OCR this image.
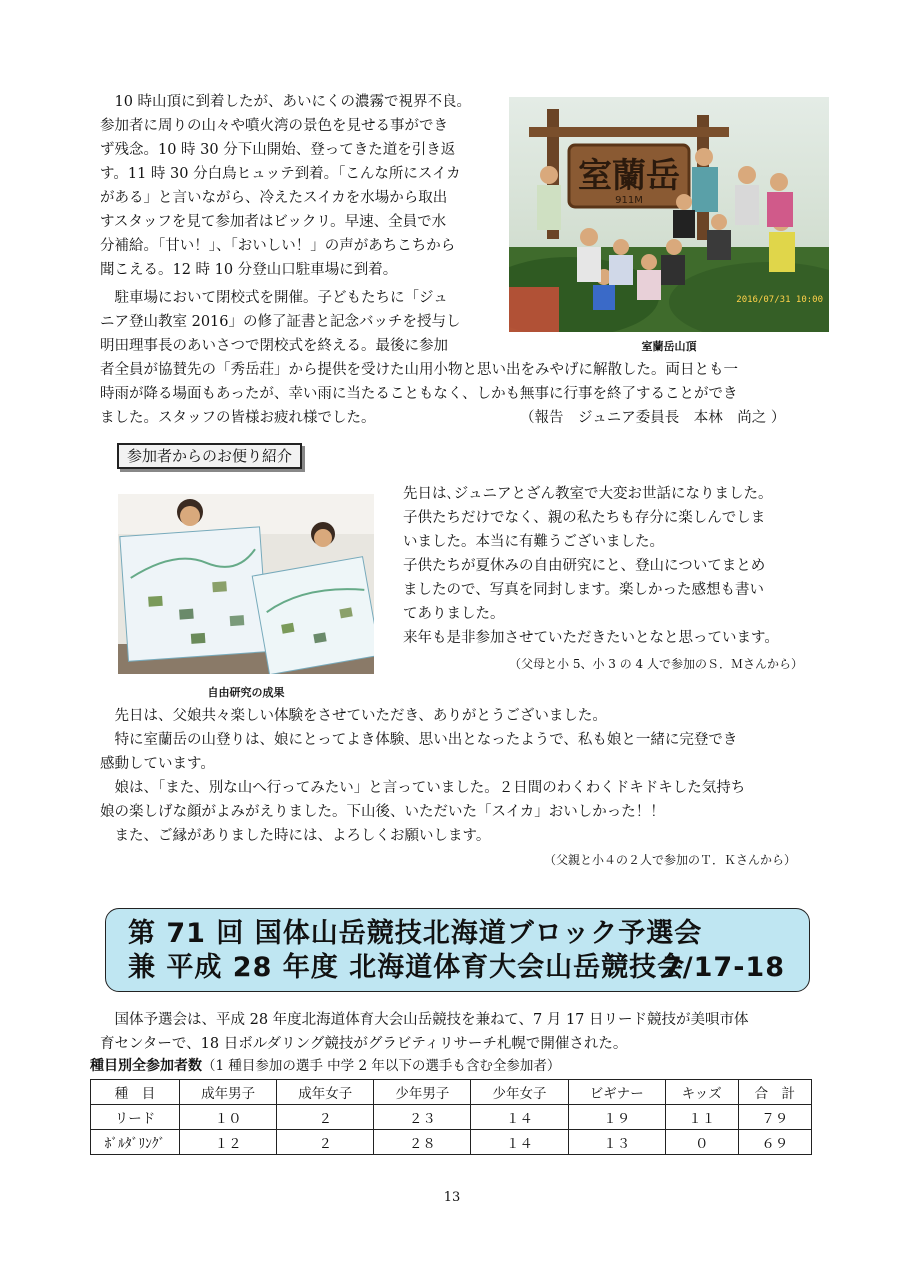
　10 時山頂に到着したが、あいにくの濃霧で視界不良。
参加者に周りの山々や噴火湾の景色を見せる事ができ
ず残念。10 時 30 分下山開始、登ってきた道を引き返
す。11 時 30 分白鳥ヒュッテ到着。「こんな所にスイカ
がある」と言いながら、冷えたスイカを水場から取出
すスタッフを見て参加者はビックリ。早速、全員で水
分補給。「甘い！」、「おいしい！」の声があちこちから
聞こえる。12 時 10 分登山口駐車場に到着。
　駐車場において閉校式を開催。子どもたちに「ジュ
ニア登山教室 2016」の修了証書と記念バッチを授与し
明田理事長のあいさつで閉校式を終える。最後に参加
者全員が協賛先の「秀岳荘」から提供を受けた山用小物と思い出をみやげに解散した。両日とも一
時雨が降る場面もあったが、幸い雨に当たることもなく、しかも無事に行事を終了することができ
ました。スタッフの皆様お疲れ様でした。	（報告　ジュニア委員長　本林　尚之 ）
室蘭岳
911M
2016/07/31 10:00
室蘭岳山頂
参加者からのお便り紹介
自由研究の成果
先日は､ジュニアとざん教室で大変お世話になりました。
子供たちだけでなく、親の私たちも存分に楽しんでしま
いました。本当に有難うございました。
子供たちが夏休みの自由研究にと、登山についてまとめ
ましたので、写真を同封します。楽しかった感想も書い
てありました。
来年も是非参加させていただきたいとなと思っています。
（父母と小 5、小 3 の 4 人で参加のＳ．Ｍさんから）
　先日は、父娘共々楽しい体験をさせていただき、ありがとうございました。
　特に室蘭岳の山登りは、娘にとってよき体験、思い出となったようで、私も娘と一緒に完登でき
感動しています。
　娘は、「また、別な山へ行ってみたい」と言っていました。２日間のわくわくドキドキした気持ち
娘の楽しげな顔がよみがえりました。下山後、いただいた「スイカ」おいしかった！！
　また、ご縁がありました時には、よろしくお願いします。
（父親と小４の２人で参加のＴ．Ｋさんから）
第 71 回 国体山岳競技北海道ブロック予選会
兼 平成 28 年度 北海道体育大会山岳競技会
7/17-18
　国体予選会は、平成 28 年度北海道体育大会山岳競技を兼ねて、7 月 17 日リード競技が美唄市体
育センターで、18 日ボルダリング競技がグラビティリサーチ札幌で開催された。
種目別全参加者数（1 種目参加の選手 中学 2 年以下の選手も含む全参加者）
種　目	成年男子	成年女子	少年男子	少年女子	ビギナー	キッズ	合　計
リード	１０	２	２３	１４	１９	１１	７９
ﾎﾞﾙﾀﾞﾘﾝｸﾞ	１２	２	２８	１４	１３	０	６９
13
